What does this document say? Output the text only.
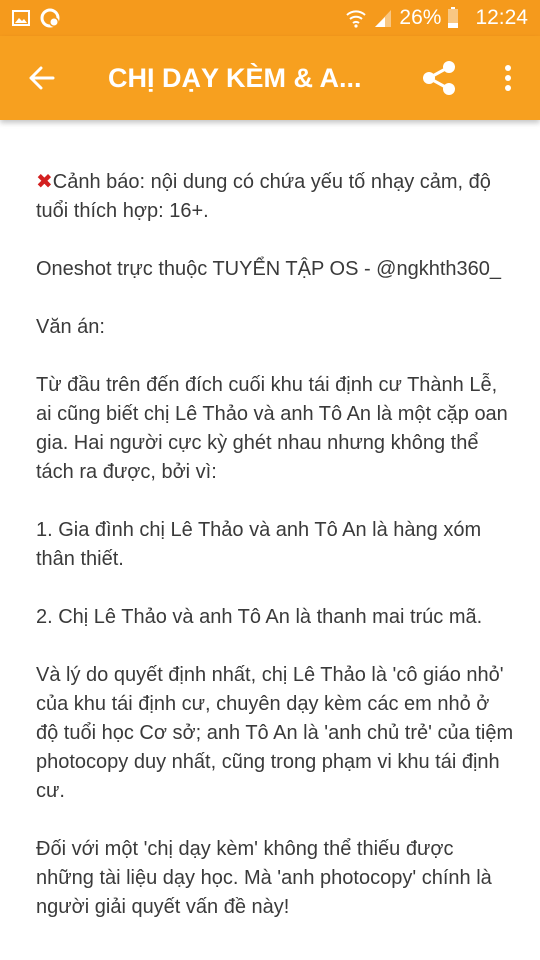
26% 12:24
CHỊ DẠY KÈM & A...
✖Cảnh báo: nội dung có chứa yếu tố nhạy cảm, độ tuổi thích hợp: 16+.
Oneshot trực thuộc TUYỂN TẬP OS - @ngkhth360_
Văn án:
Từ đầu trên đến đích cuối khu tái định cư Thành Lễ, ai cũng biết chị Lê Thảo và anh Tô An là một cặp oan gia. Hai người cực kỳ ghét nhau nhưng không thể tách ra được, bởi vì:
1. Gia đình chị Lê Thảo và anh Tô An là hàng xóm thân thiết.
2. Chị Lê Thảo và anh Tô An là thanh mai trúc mã.
Và lý do quyết định nhất, chị Lê Thảo là 'cô giáo nhỏ' của khu tái định cư, chuyên dạy kèm các em nhỏ ở độ tuổi học Cơ sở; anh Tô An là 'anh chủ trẻ' của tiệm photocopy duy nhất, cũng trong phạm vi khu tái định cư.
Đối với một 'chị dạy kèm' không thể thiếu được những tài liệu dạy học. Mà 'anh photocopy' chính là người giải quyết vấn đề này!
